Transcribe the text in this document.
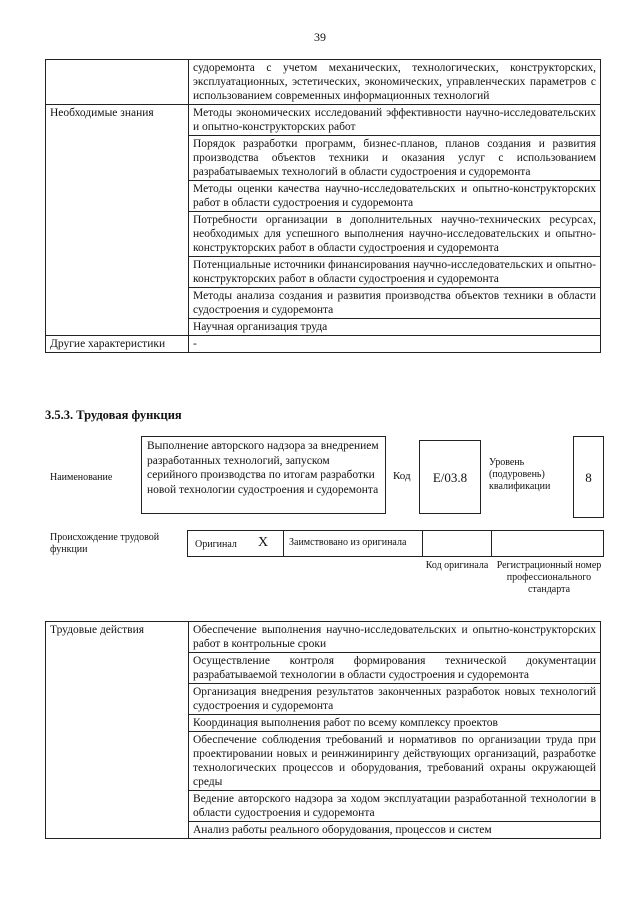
39
	судоремонта с учетом механических, технологических, конструкторских, эксплуатационных, эстетических, экономических, управленческих параметров с использованием современных информационных технологий
Необходимые знания	Методы экономических исследований эффективности научно-исследовательских и опытно-конструкторских работ
	Порядок разработки программ, бизнес-планов, планов создания и развития производства объектов техники и оказания услуг с использованием разрабатываемых технологий в области судостроения и судоремонта
	Методы оценки качества научно-исследовательских и опытно-конструкторских работ в области судостроения и судоремонта
	Потребности организации в дополнительных научно-технических ресурсах, необходимых для успешного выполнения научно-исследовательских и опытно-конструкторских работ в области судостроения и судоремонта
	Потенциальные источники финансирования научно-исследовательских и опытно-конструкторских работ в области судостроения и судоремонта
	Методы анализа создания и развития производства объектов техники в области судостроения и судоремонта
	Научная организация труда
Другие характеристики	-
3.5.3. Трудовая функция
Наименование
Выполнение авторского надзора за внедрением разработанных технологий, запуском серийного производства по итогам разработки новой технологии судостроения и судоремонта
Код	E/03.8
Уровень (подуровень) квалификации
8
Происхождение трудовой функции	Оригинал X	Заимствовано из оригинала
Код оригинала Регистрационный номер профессионального стандарта
Трудовые действия	Обеспечение выполнения научно-исследовательских и опытно-конструкторских работ в контрольные сроки
Осуществление контроля формирования технической документации разрабатываемой технологии в области судостроения и судоремонта
Организация внедрения результатов законченных разработок новых технологий судостроения и судоремонта
Координация выполнения работ по всему комплексу проектов
Обеспечение соблюдения требований и нормативов по организации труда при проектировании новых и реинжинирингу действующих организаций, разработке технологических процессов и оборудования, требований охраны окружающей среды
Ведение авторского надзора за ходом эксплуатации разработанной технологии в области судостроения и судоремонта
Анализ работы реального оборудования, процессов и систем
